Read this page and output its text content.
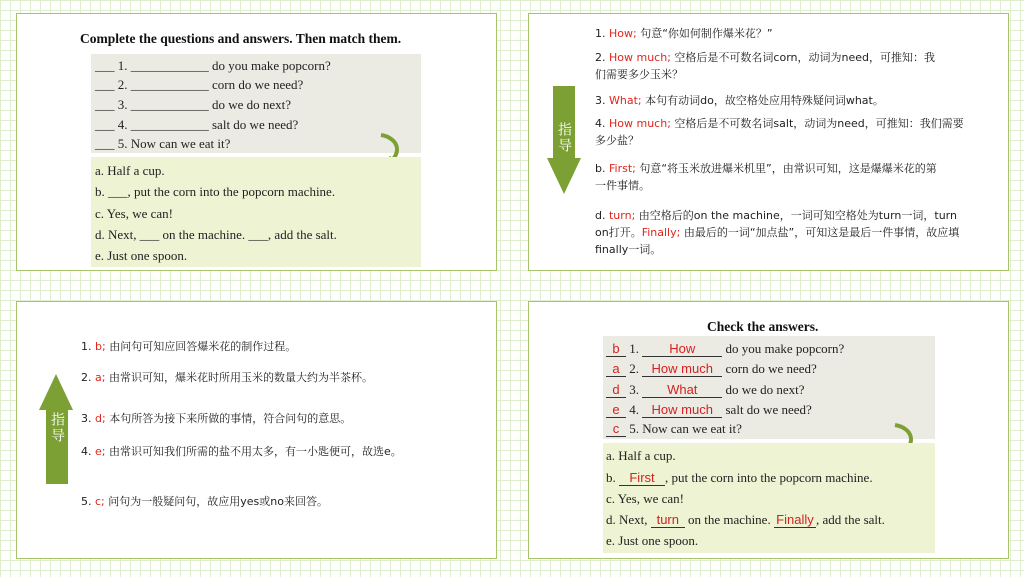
Complete the questions and answers. Then match them.
___ 1. ____________ do you make popcorn?
___ 2. ____________ corn do we need?
___ 3. ____________ do we do next?
___ 4. ____________ salt do we need?
___ 5. Now can we eat it?
a. Half a cup.
b. ___, put the corn into the popcorn machine.
c. Yes, we can!
d. Next, ___ on the machine. ___, add the salt.
e. Just one spoon.
指导
1. How; 句意“你如何制作爆米花？”
2. How much; 空格后是不可数名词corn，动词为need，可推知：我们需要多少玉米？
3. What; 本句有动词do，故空格处应用特殊疑问词what。
4. How much; 空格后是不可数名词salt，动词为need，可推知：我们需要多少盐？
b. First; 句意“将玉米放进爆米机里”，由常识可知，这是爆爆米花的第一件事情。
d. turn; 由空格后的on the machine，一词可知空格处为turn一词，turn on打开。Finally; 由最后的一词“加点盐”，可知这是最后一件事情，故应填finally一词。
指导
1. b; 由问句可知应回答爆米花的制作过程。
2. a; 由常识可知，爆米花时所用玉米的数量大约为半茶杯。
3. d; 本句所答为接下来所做的事情，符合问句的意思。
4. e; 由常识可知我们所需的盐不用太多，有一小匙便可，故选e。
5. c; 问句为一般疑问句，故应用yes或no来回答。
Check the answers.
b 1. How do you make popcorn?
a 2. How much corn do we need?
d 3. What do we do next?
e 4. How much salt do we need?
c 5. Now can we eat it?
a. Half a cup.
b. First , put the corn into the popcorn machine.
c. Yes, we can!
d. Next, turn on the machine. Finally , add the salt.
e. Just one spoon.
